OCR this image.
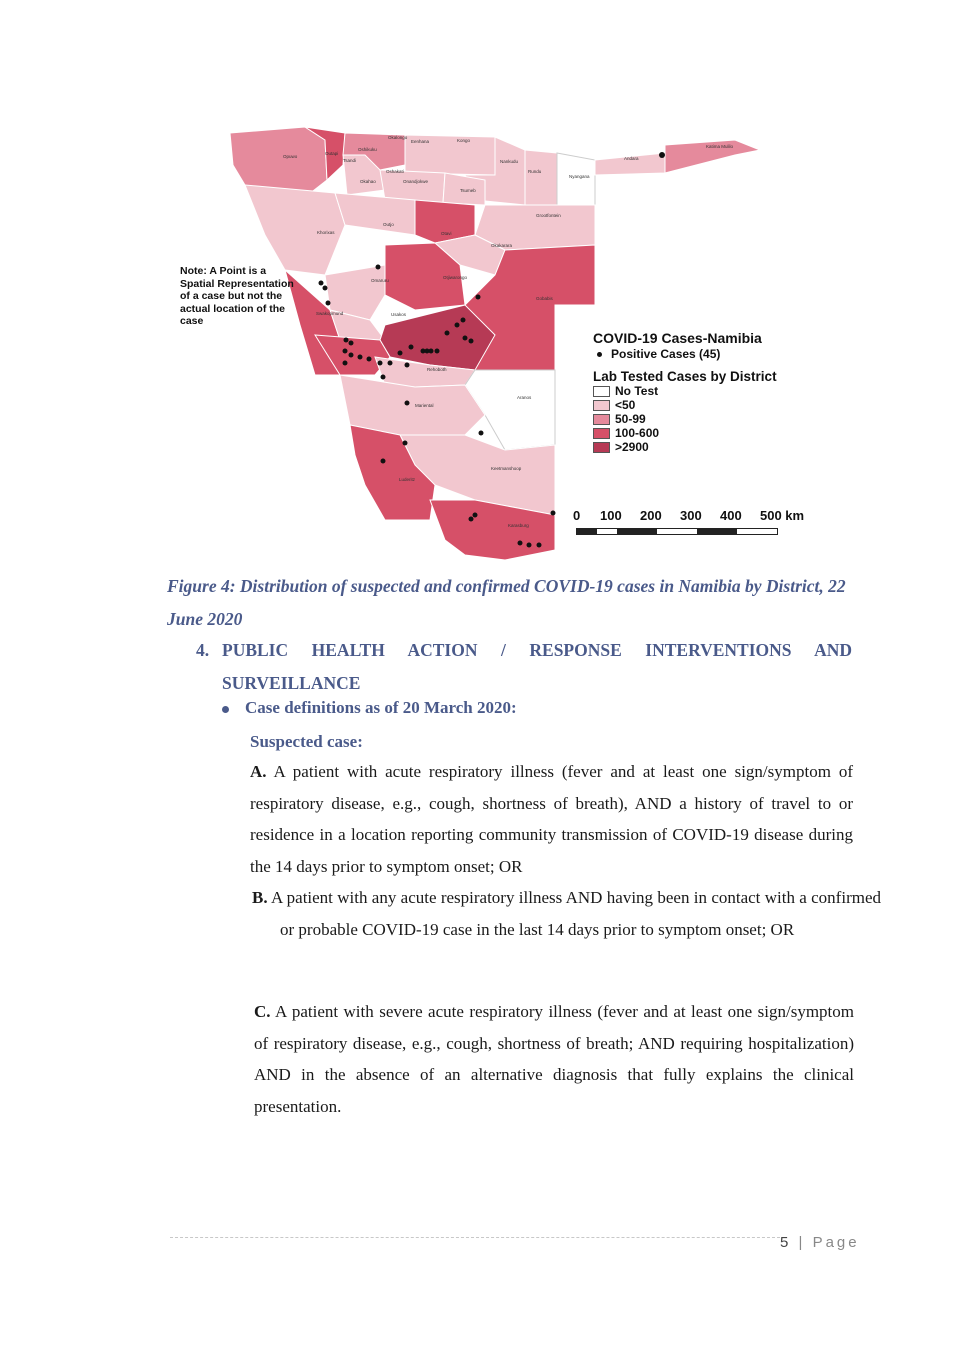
Opuwo
Outapi
Okalongo
Tsandi
Oshikuku
Eenhana	Kongo
Okahao
Oshakati
Onandjokwe
Nankudu
Rundu
Andara
Nyangana
Tsumeb
Outjo
Khorixas
Grootfontein
Otavi
Okakarara
Omaruru
Otjiwarongo
Swakopmund	Usakos
Gobabis
Rehoboth
Aranos
Mariental
Keetmanshoop
Luderitz
Karasburg
Katima Mulilo
Note: A Point is a Spatial Representation of a case but not the actual location of the case
COVID-19 Cases-Namibia
Positive Cases (45)
Lab Tested Cases by District
No Test
<50
50-99
100-600
>2900
0 100 200 300 400 500 km
Figure 4: Distribution of suspected and confirmed COVID-19 cases in Namibia by District, 22 June 2020
4. PUBLIC HEALTH ACTION / RESPONSE INTERVENTIONS AND SURVEILLANCE
Case definitions as of 20 March 2020:
Suspected case:
A. A patient with acute respiratory illness (fever and at least one sign/symptom of respiratory disease, e.g., cough, shortness of breath), AND a history of travel to or residence in a location reporting community transmission of COVID-19 disease during the 14 days prior to symptom onset; OR
B. A patient with any acute respiratory illness AND having been in contact with a confirmed or probable COVID-19 case in the last 14 days prior to symptom onset; OR
C. A patient with severe acute respiratory illness (fever and at least one sign/symptom of respiratory disease, e.g., cough, shortness of breath; AND requiring hospitalization) AND in the absence of an alternative diagnosis that fully explains the clinical presentation.
5 | Page
